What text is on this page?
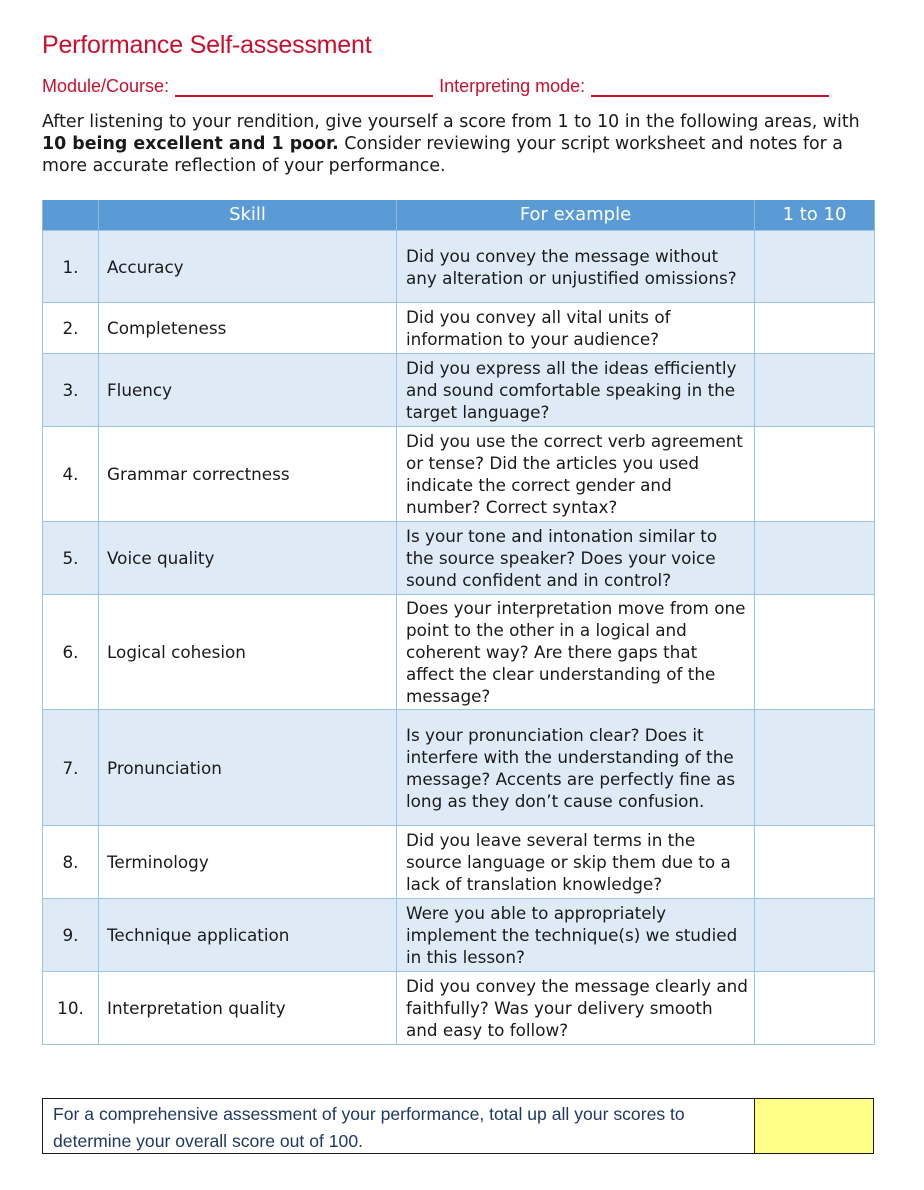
Performance Self-assessment
Module/Course:	Interpreting mode:
After listening to your rendition, give yourself a score from 1 to 10 in the following areas, with 10 being excellent and 1 poor. Consider reviewing your script worksheet and notes for a more accurate reflection of your performance.
	Skill	For example	1 to 10
1.	Accuracy	Did you convey the message without any alteration or unjustified omissions?	
2.	Completeness	Did you convey all vital units of information to your audience?	
3.	Fluency	Did you express all the ideas efficiently and sound comfortable speaking in the target language?	
4.	Grammar correctness	Did you use the correct verb agreement or tense? Did the articles you used indicate the correct gender and number? Correct syntax?	
5.	Voice quality	Is your tone and intonation similar to the source speaker? Does your voice sound confident and in control?	
6.	Logical cohesion	Does your interpretation move from one point to the other in a logical and coherent way? Are there gaps that affect the clear understanding of the message?	
7.	Pronunciation	Is your pronunciation clear? Does it interfere with the understanding of the message? Accents are perfectly fine as long as they don’t cause confusion.	
8.	Terminology	Did you leave several terms in the source language or skip them due to a lack of translation knowledge?	
9.	Technique application	Were you able to appropriately implement the technique(s) we studied in this lesson?	
10.	Interpretation quality	Did you convey the message clearly and faithfully? Was your delivery smooth and easy to follow?	
For a comprehensive assessment of your performance, total up all your scores to determine your overall score out of 100.
